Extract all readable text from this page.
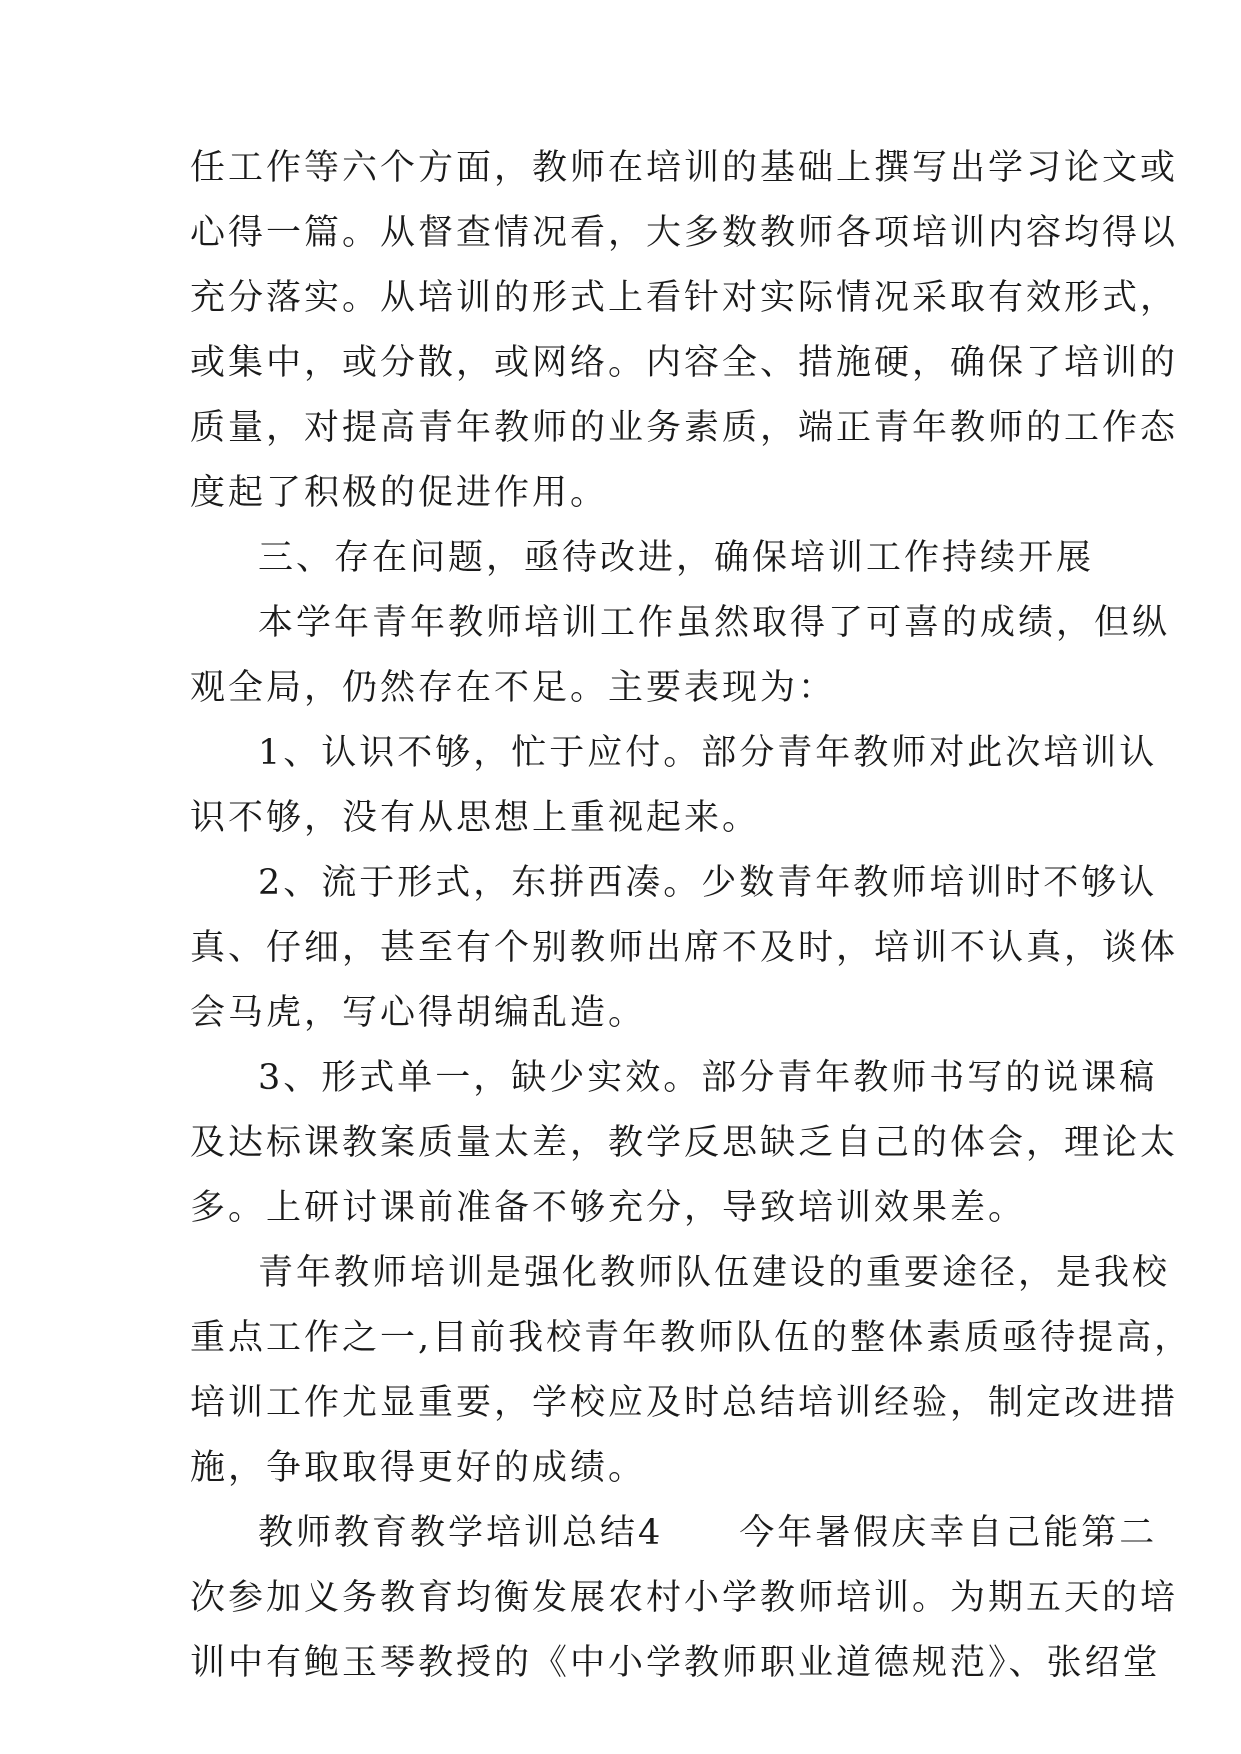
任工作等六个方面，教师在培训的基础上撰写出学习论文或
心得一篇。从督查情况看，大多数教师各项培训内容均得以
充分落实。从培训的形式上看针对实际情况采取有效形式，
或集中，或分散，或网络。内容全、措施硬，确保了培训的
质量，对提高青年教师的业务素质，端正青年教师的工作态
度起了积极的促进作用。
三、存在问题，亟待改进，确保培训工作持续开展
本学年青年教师培训工作虽然取得了可喜的成绩，但纵
观全局，仍然存在不足。主要表现为：
1、认识不够，忙于应付。部分青年教师对此次培训认
识不够，没有从思想上重视起来。
2、流于形式，东拼西凑。少数青年教师培训时不够认
真、仔细，甚至有个别教师出席不及时，培训不认真，谈体
会马虎，写心得胡编乱造。
3、形式单一，缺少实效。部分青年教师书写的说课稿
及达标课教案质量太差，教学反思缺乏自己的体会，理论太
多。上研讨课前准备不够充分，导致培训效果差。
青年教师培训是强化教师队伍建设的重要途径，是我校
重点工作之一,目前我校青年教师队伍的整体素质亟待提高，
培训工作尤显重要，学校应及时总结培训经验，制定改进措
施，争取取得更好的成绩。
教师教育教学培训总结4　　今年暑假庆幸自己能第二
次参加义务教育均衡发展农村小学教师培训。为期五天的培
训中有鲍玉琴教授的《中小学教师职业道德规范》、张绍堂
